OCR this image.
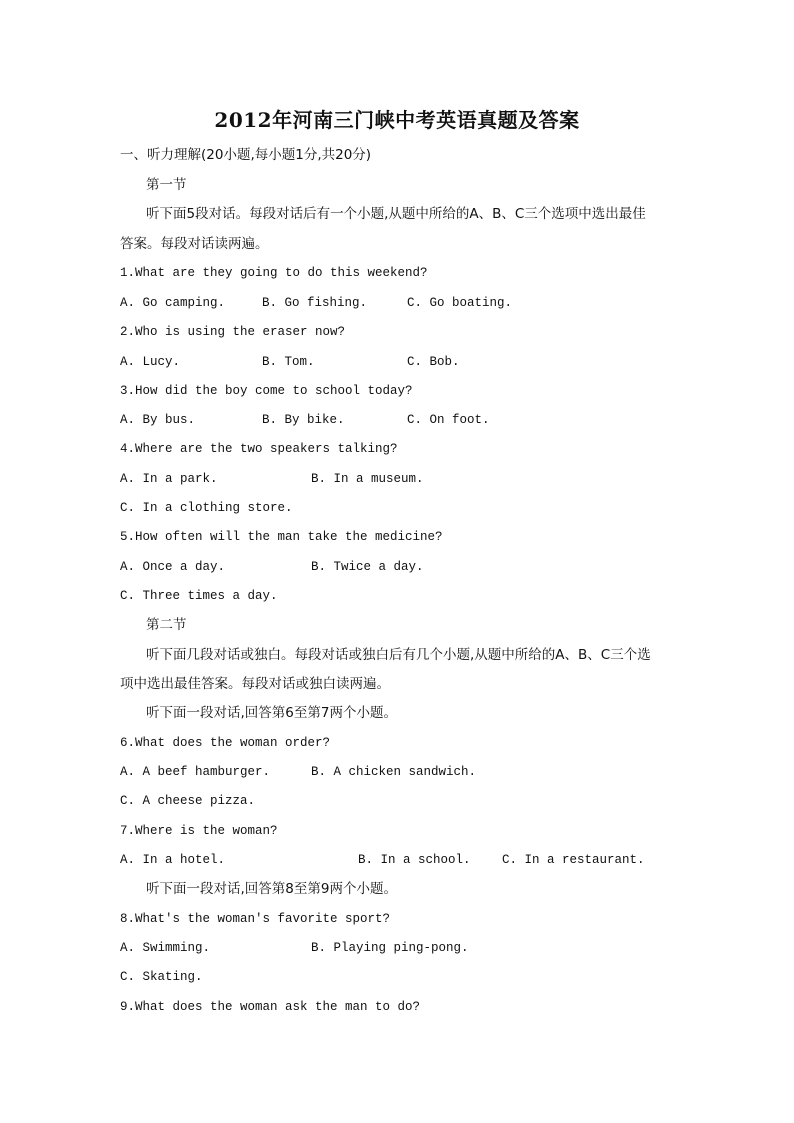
2012年河南三门峡中考英语真题及答案
一、听力理解(20小题,每小题1分,共20分)
第一节
听下面5段对话。每段对话后有一个小题,从题中所给的A、B、C三个选项中选出最佳
答案。每段对话读两遍。
1.What are they going to do this weekend?
A. Go camping.	B. Go fishing.	C. Go boating.
2.Who is using the eraser now?
A. Lucy.	B. Tom.	C. Bob.
3.How did the boy come to school today?
A. By bus.	B. By bike.	C. On foot.
4.Where are the two speakers talking?
A. In a park.	B. In a museum.
C. In a clothing store.
5.How often will the man take the medicine?
A. Once a day.	B. Twice a day.
C. Three times a day.
第二节
听下面几段对话或独白。每段对话或独白后有几个小题,从题中所给的A、B、C三个选
项中选出最佳答案。每段对话或独白读两遍。
听下面一段对话,回答第6至第7两个小题。
6.What does the woman order?
A. A beef hamburger.	B. A chicken sandwich.
C. A cheese pizza.
7.Where is the woman?
A. In a hotel.	B. In a school.	C. In a restaurant.
听下面一段对话,回答第8至第9两个小题。
8.What's the woman's favorite sport?
A. Swimming.	B. Playing ping-pong.
C. Skating.
9.What does the woman ask the man to do?
